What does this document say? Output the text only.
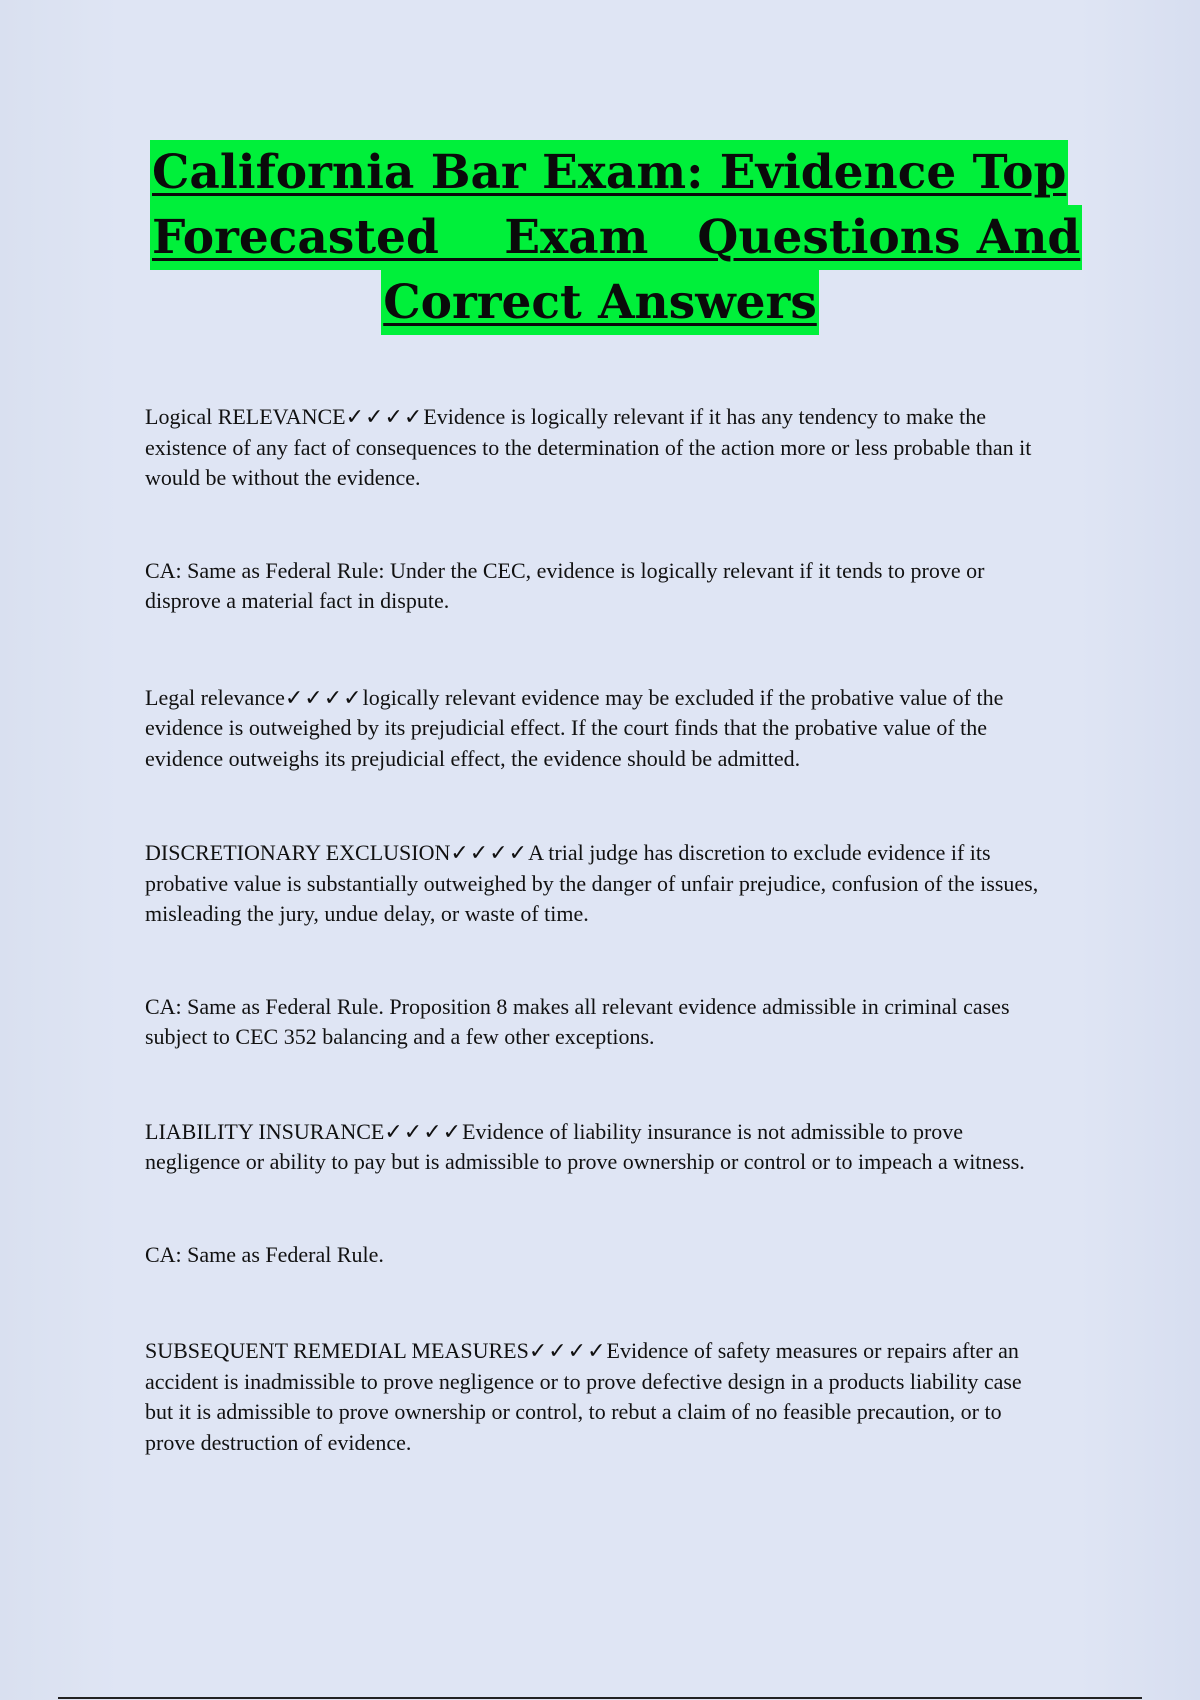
California Bar Exam: Evidence Top
Forecasted    Exam   Questions And
Correct Answers

Logical RELEVANCE✓✓✓✓Evidence is logically relevant if it has any tendency to make the existence of any fact of consequences to the determination of the action more or less probable than it would be without the evidence.

CA: Same as Federal Rule: Under the CEC, evidence is logically relevant if it tends to prove or disprove a material fact in dispute.

Legal relevance✓✓✓✓logically relevant evidence may be excluded if the probative value of the evidence is outweighed by its prejudicial effect. If the court finds that the probative value of the evidence outweighs its prejudicial effect, the evidence should be admitted.

DISCRETIONARY EXCLUSION✓✓✓✓A trial judge has discretion to exclude evidence if its probative value is substantially outweighed by the danger of unfair prejudice, confusion of the issues, misleading the jury, undue delay, or waste of time.

CA: Same as Federal Rule. Proposition 8 makes all relevant evidence admissible in criminal cases subject to CEC 352 balancing and a few other exceptions.

LIABILITY INSURANCE✓✓✓✓Evidence of liability insurance is not admissible to prove negligence or ability to pay but is admissible to prove ownership or control or to impeach a witness.

CA: Same as Federal Rule.

SUBSEQUENT REMEDIAL MEASURES✓✓✓✓Evidence of safety measures or repairs after an accident is inadmissible to prove negligence or to prove defective design in a products liability case but it is admissible to prove ownership or control, to rebut a claim of no feasible precaution, or to prove destruction of evidence.
